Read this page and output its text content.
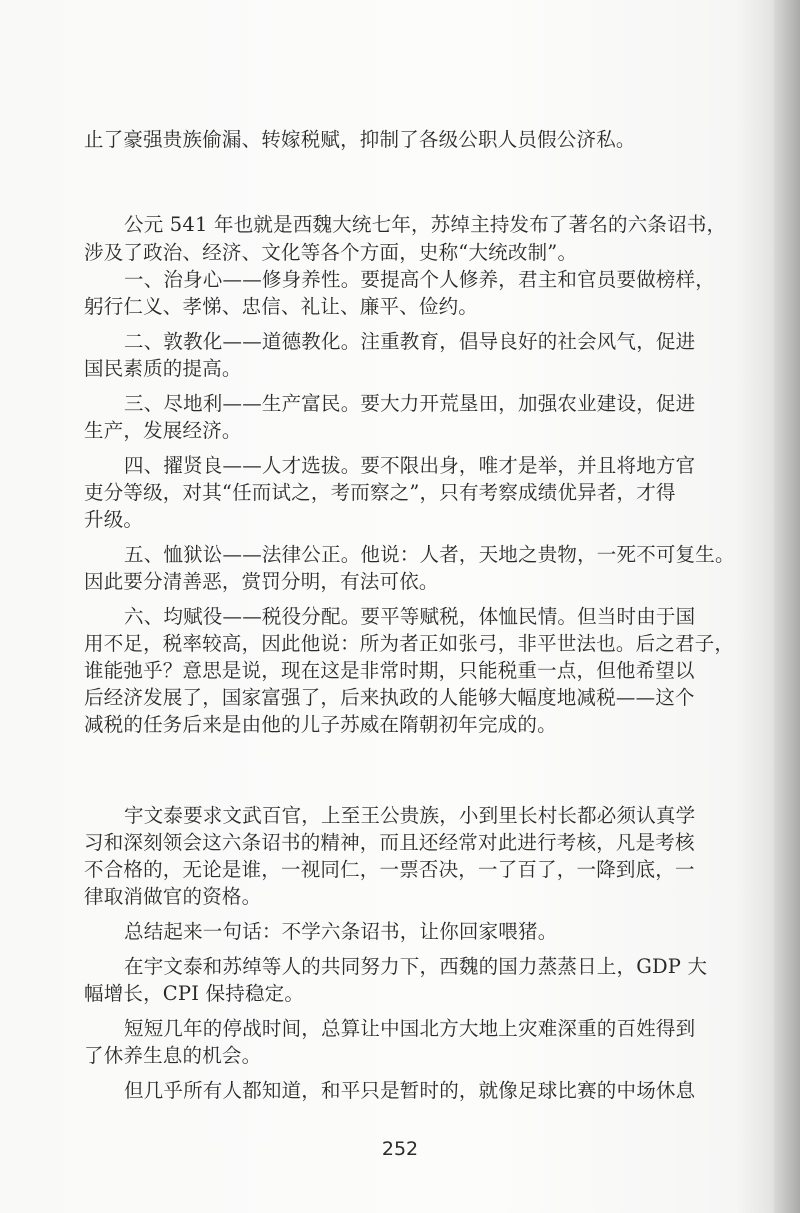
止了豪强贵族偷漏、转嫁税赋，抑制了各级公职人员假公济私。
公元 541 年也就是西魏大统七年，苏绰主持发布了著名的六条诏书，
涉及了政治、经济、文化等各个方面，史称“大统改制”。
一、治身心——修身养性。要提高个人修养，君主和官员要做榜样，
躬行仁义、孝悌、忠信、礼让、廉平、俭约。
二、敦教化——道德教化。注重教育，倡导良好的社会风气，促进
国民素质的提高。
三、尽地利——生产富民。要大力开荒垦田，加强农业建设，促进
生产，发展经济。
四、擢贤良——人才选拔。要不限出身，唯才是举，并且将地方官
吏分等级，对其“任而试之，考而察之”，只有考察成绩优异者，才得
升级。
五、恤狱讼——法律公正。他说：人者，天地之贵物，一死不可复生。
因此要分清善恶，赏罚分明，有法可依。
六、均赋役——税役分配。要平等赋税，体恤民情。但当时由于国
用不足，税率较高，因此他说：所为者正如张弓，非平世法也。后之君子，
谁能弛乎？意思是说，现在这是非常时期，只能税重一点，但他希望以
后经济发展了，国家富强了，后来执政的人能够大幅度地减税——这个
减税的任务后来是由他的儿子苏威在隋朝初年完成的。
宇文泰要求文武百官，上至王公贵族，小到里长村长都必须认真学
习和深刻领会这六条诏书的精神，而且还经常对此进行考核，凡是考核
不合格的，无论是谁，一视同仁，一票否决，一了百了，一降到底，一
律取消做官的资格。
总结起来一句话：不学六条诏书，让你回家喂猪。
在宇文泰和苏绰等人的共同努力下，西魏的国力蒸蒸日上，GDP 大
幅增长，CPI 保持稳定。
短短几年的停战时间，总算让中国北方大地上灾难深重的百姓得到
了休养生息的机会。
但几乎所有人都知道，和平只是暂时的，就像足球比赛的中场休息
252
